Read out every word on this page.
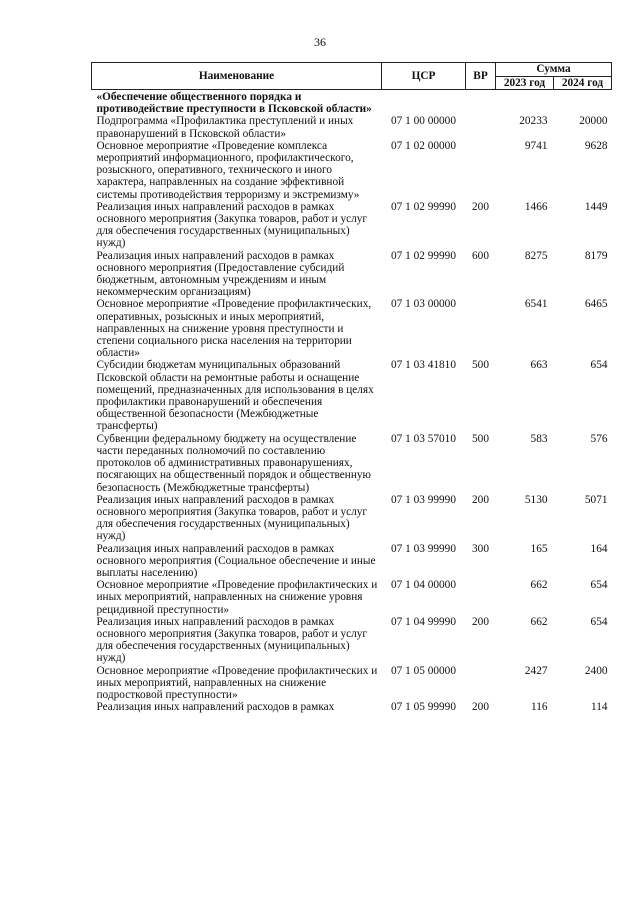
36
Наименование	ЦСР	ВР	Сумма	
			2023 год	2024 год
«Обеспечение общественного порядка и противодействие преступности в Псковской области»				
Подпрограмма «Профилактика преступлений и иных правонарушений в Псковской области»	07 1 00 00000		20233	20000
Основное мероприятие «Проведение комплекса мероприятий информационного, профилактического, розыскного, оперативного, технического и иного характера, направленных на создание эффективной системы противодействия терроризму и экстремизму»	07 1 02 00000		9741	9628
Реализация иных направлений расходов в рамках основного мероприятия (Закупка товаров, работ и услуг для обеспечения государственных (муниципальных) нужд)	07 1 02 99990	200	1466	1449
Реализация иных направлений расходов в рамках основного мероприятия (Предоставление субсидий бюджетным, автономным учреждениям и иным некоммерческим организациям)	07 1 02 99990	600	8275	8179
Основное мероприятие «Проведение профилактических, оперативных, розыскных и иных мероприятий, направленных на снижение уровня преступности и степени социального риска населения на территории области»	07 1 03 00000		6541	6465
Субсидии бюджетам муниципальных образований Псковской области на ремонтные работы и оснащение помещений, предназначенных для использования в целях профилактики правонарушений и обеспечения общественной безопасности (Межбюджетные трансферты)	07 1 03 41810	500	663	654
Субвенции федеральному бюджету на осуществление части переданных полномочий по составлению протоколов об административных правонарушениях, посягающих на общественный порядок и общественную безопасность (Межбюджетные трансферты)	07 1 03 57010	500	583	576
Реализация иных направлений расходов в рамках основного мероприятия (Закупка товаров, работ и услуг для обеспечения государственных (муниципальных) нужд)	07 1 03 99990	200	5130	5071
Реализация иных направлений расходов в рамках основного мероприятия (Социальное обеспечение и иные выплаты населению)	07 1 03 99990	300	165	164
Основное мероприятие «Проведение профилактических и иных мероприятий, направленных на снижение уровня рецидивной преступности»	07 1 04 00000		662	654
Реализация иных направлений расходов в рамках основного мероприятия (Закупка товаров, работ и услуг для обеспечения государственных (муниципальных) нужд)	07 1 04 99990	200	662	654
Основное мероприятие «Проведение профилактических и иных мероприятий, направленных на снижение подростковой преступности»	07 1 05 00000		2427	2400
Реализация иных направлений расходов в рамках	07 1 05 99990	200	116	114
